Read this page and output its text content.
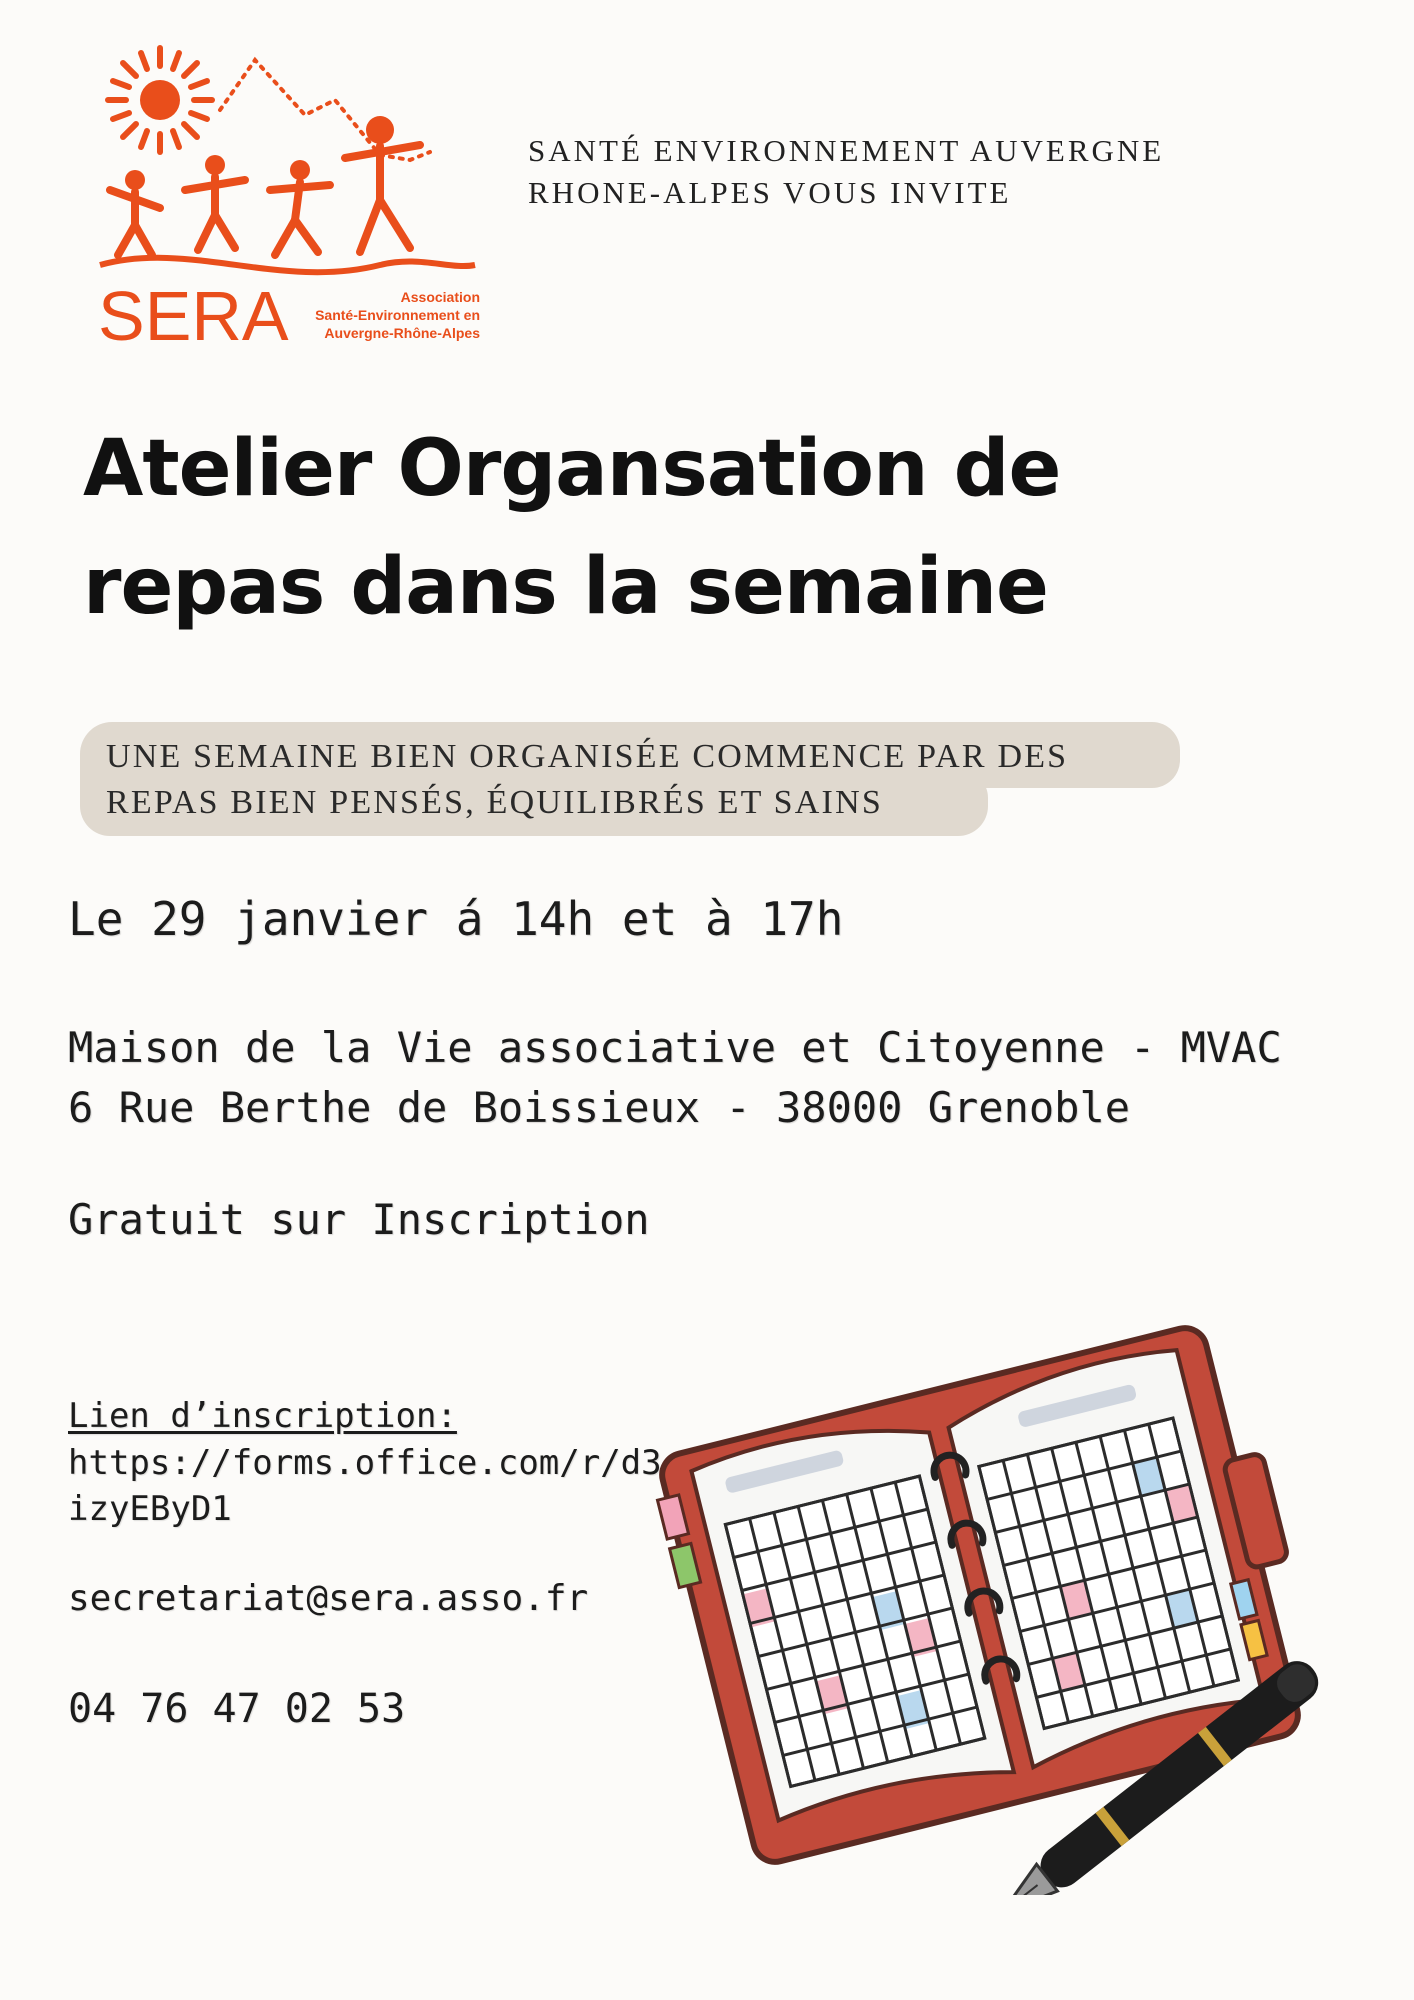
SERA	Association
Santé-Environnement en
Auvergne-Rhône-Alpes
SANTÉ ENVIRONNEMENT AUVERGNE
RHONE-ALPES VOUS INVITE
Atelier Organsation de
repas dans la semaine
UNE SEMAINE BIEN ORGANISÉE COMMENCE PAR DES
REPAS BIEN PENSÉS, ÉQUILIBRÉS ET SAINS
Le 29 janvier á 14h et à 17h
Maison de la Vie associative et Citoyenne - MVAC
6 Rue Berthe de Boissieux - 38000 Grenoble
Gratuit sur Inscription
Lien d’inscription:
https://forms.office.com/r/d3
izyEByD1
secretariat@sera.asso.fr
04 76 47 02 53
